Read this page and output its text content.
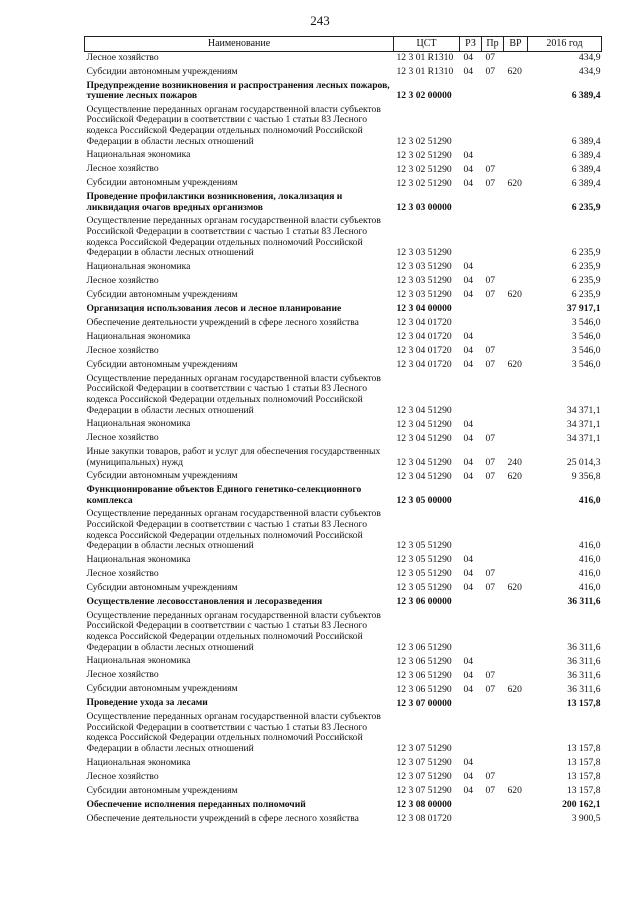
243
Наименование	ЦСТ	РЗ	Пр	ВР	2016 год
Лесное хозяйство	12 3 01 R1310	04	07		434,9
Субсидии автономным учреждениям	12 3 01 R1310	04	07	620	434,9
Предупреждение возникновения и распространения лесных пожаров, тушение лесных пожаров	12 3 02 00000				6 389,4
Осуществление переданных органам государственной власти субъектов Российской Федерации в соответствии с частью 1 статьи 83 Лесного кодекса Российской Федерации отдельных полномочий Российской Федерации в области лесных отношений	12 3 02 51290				6 389,4
Национальная экономика	12 3 02 51290	04			6 389,4
Лесное хозяйство	12 3 02 51290	04	07		6 389,4
Субсидии автономным учреждениям	12 3 02 51290	04	07	620	6 389,4
Проведение профилактики возникновения, локализация и ликвидация очагов вредных организмов	12 3 03 00000				6 235,9
Осуществление переданных органам государственной власти субъектов Российской Федерации в соответствии с частью 1 статьи 83 Лесного кодекса Российской Федерации отдельных полномочий Российской Федерации в области лесных отношений	12 3 03 51290				6 235,9
Национальная экономика	12 3 03 51290	04			6 235,9
Лесное хозяйство	12 3 03 51290	04	07		6 235,9
Субсидии автономным учреждениям	12 3 03 51290	04	07	620	6 235,9
Организация использования лесов и лесное планирование	12 3 04 00000				37 917,1
Обеспечение деятельности учреждений в сфере лесного хозяйства	12 3 04 01720				3 546,0
Национальная экономика	12 3 04 01720	04			3 546,0
Лесное хозяйство	12 3 04 01720	04	07		3 546,0
Субсидии автономным учреждениям	12 3 04 01720	04	07	620	3 546,0
Осуществление переданных органам государственной власти субъектов Российской Федерации в соответствии с частью 1 статьи 83 Лесного кодекса Российской Федерации отдельных полномочий Российской Федерации в области лесных отношений	12 3 04 51290				34 371,1
Национальная экономика	12 3 04 51290	04			34 371,1
Лесное хозяйство	12 3 04 51290	04	07		34 371,1
Иные закупки товаров, работ и услуг для обеспечения государственных (муниципальных) нужд	12 3 04 51290	04	07	240	25 014,3
Субсидии автономным учреждениям	12 3 04 51290	04	07	620	9 356,8
Функционирование объектов Единого генетико-селекционного комплекса	12 3 05 00000				416,0
Осуществление переданных органам государственной власти субъектов Российской Федерации в соответствии с частью 1 статьи 83 Лесного кодекса Российской Федерации отдельных полномочий Российской Федерации в области лесных отношений	12 3 05 51290				416,0
Национальная экономика	12 3 05 51290	04			416,0
Лесное хозяйство	12 3 05 51290	04	07		416,0
Субсидии автономным учреждениям	12 3 05 51290	04	07	620	416,0
Осуществление лесовосстановления и лесоразведения	12 3 06 00000				36 311,6
Осуществление переданных органам государственной власти субъектов Российской Федерации в соответствии с частью 1 статьи 83 Лесного кодекса Российской Федерации отдельных полномочий Российской Федерации в области лесных отношений	12 3 06 51290				36 311,6
Национальная экономика	12 3 06 51290	04			36 311,6
Лесное хозяйство	12 3 06 51290	04	07		36 311,6
Субсидии автономным учреждениям	12 3 06 51290	04	07	620	36 311,6
Проведение ухода за лесами	12 3 07 00000				13 157,8
Осуществление переданных органам государственной власти субъектов Российской Федерации в соответствии с частью 1 статьи 83 Лесного кодекса Российской Федерации отдельных полномочий Российской Федерации в области лесных отношений	12 3 07 51290				13 157,8
Национальная экономика	12 3 07 51290	04			13 157,8
Лесное хозяйство	12 3 07 51290	04	07		13 157,8
Субсидии автономным учреждениям	12 3 07 51290	04	07	620	13 157,8
Обеспечение исполнения переданных полномочий	12 3 08 00000				200 162,1
Обеспечение деятельности учреждений в сфере лесного хозяйства	12 3 08 01720				3 900,5
